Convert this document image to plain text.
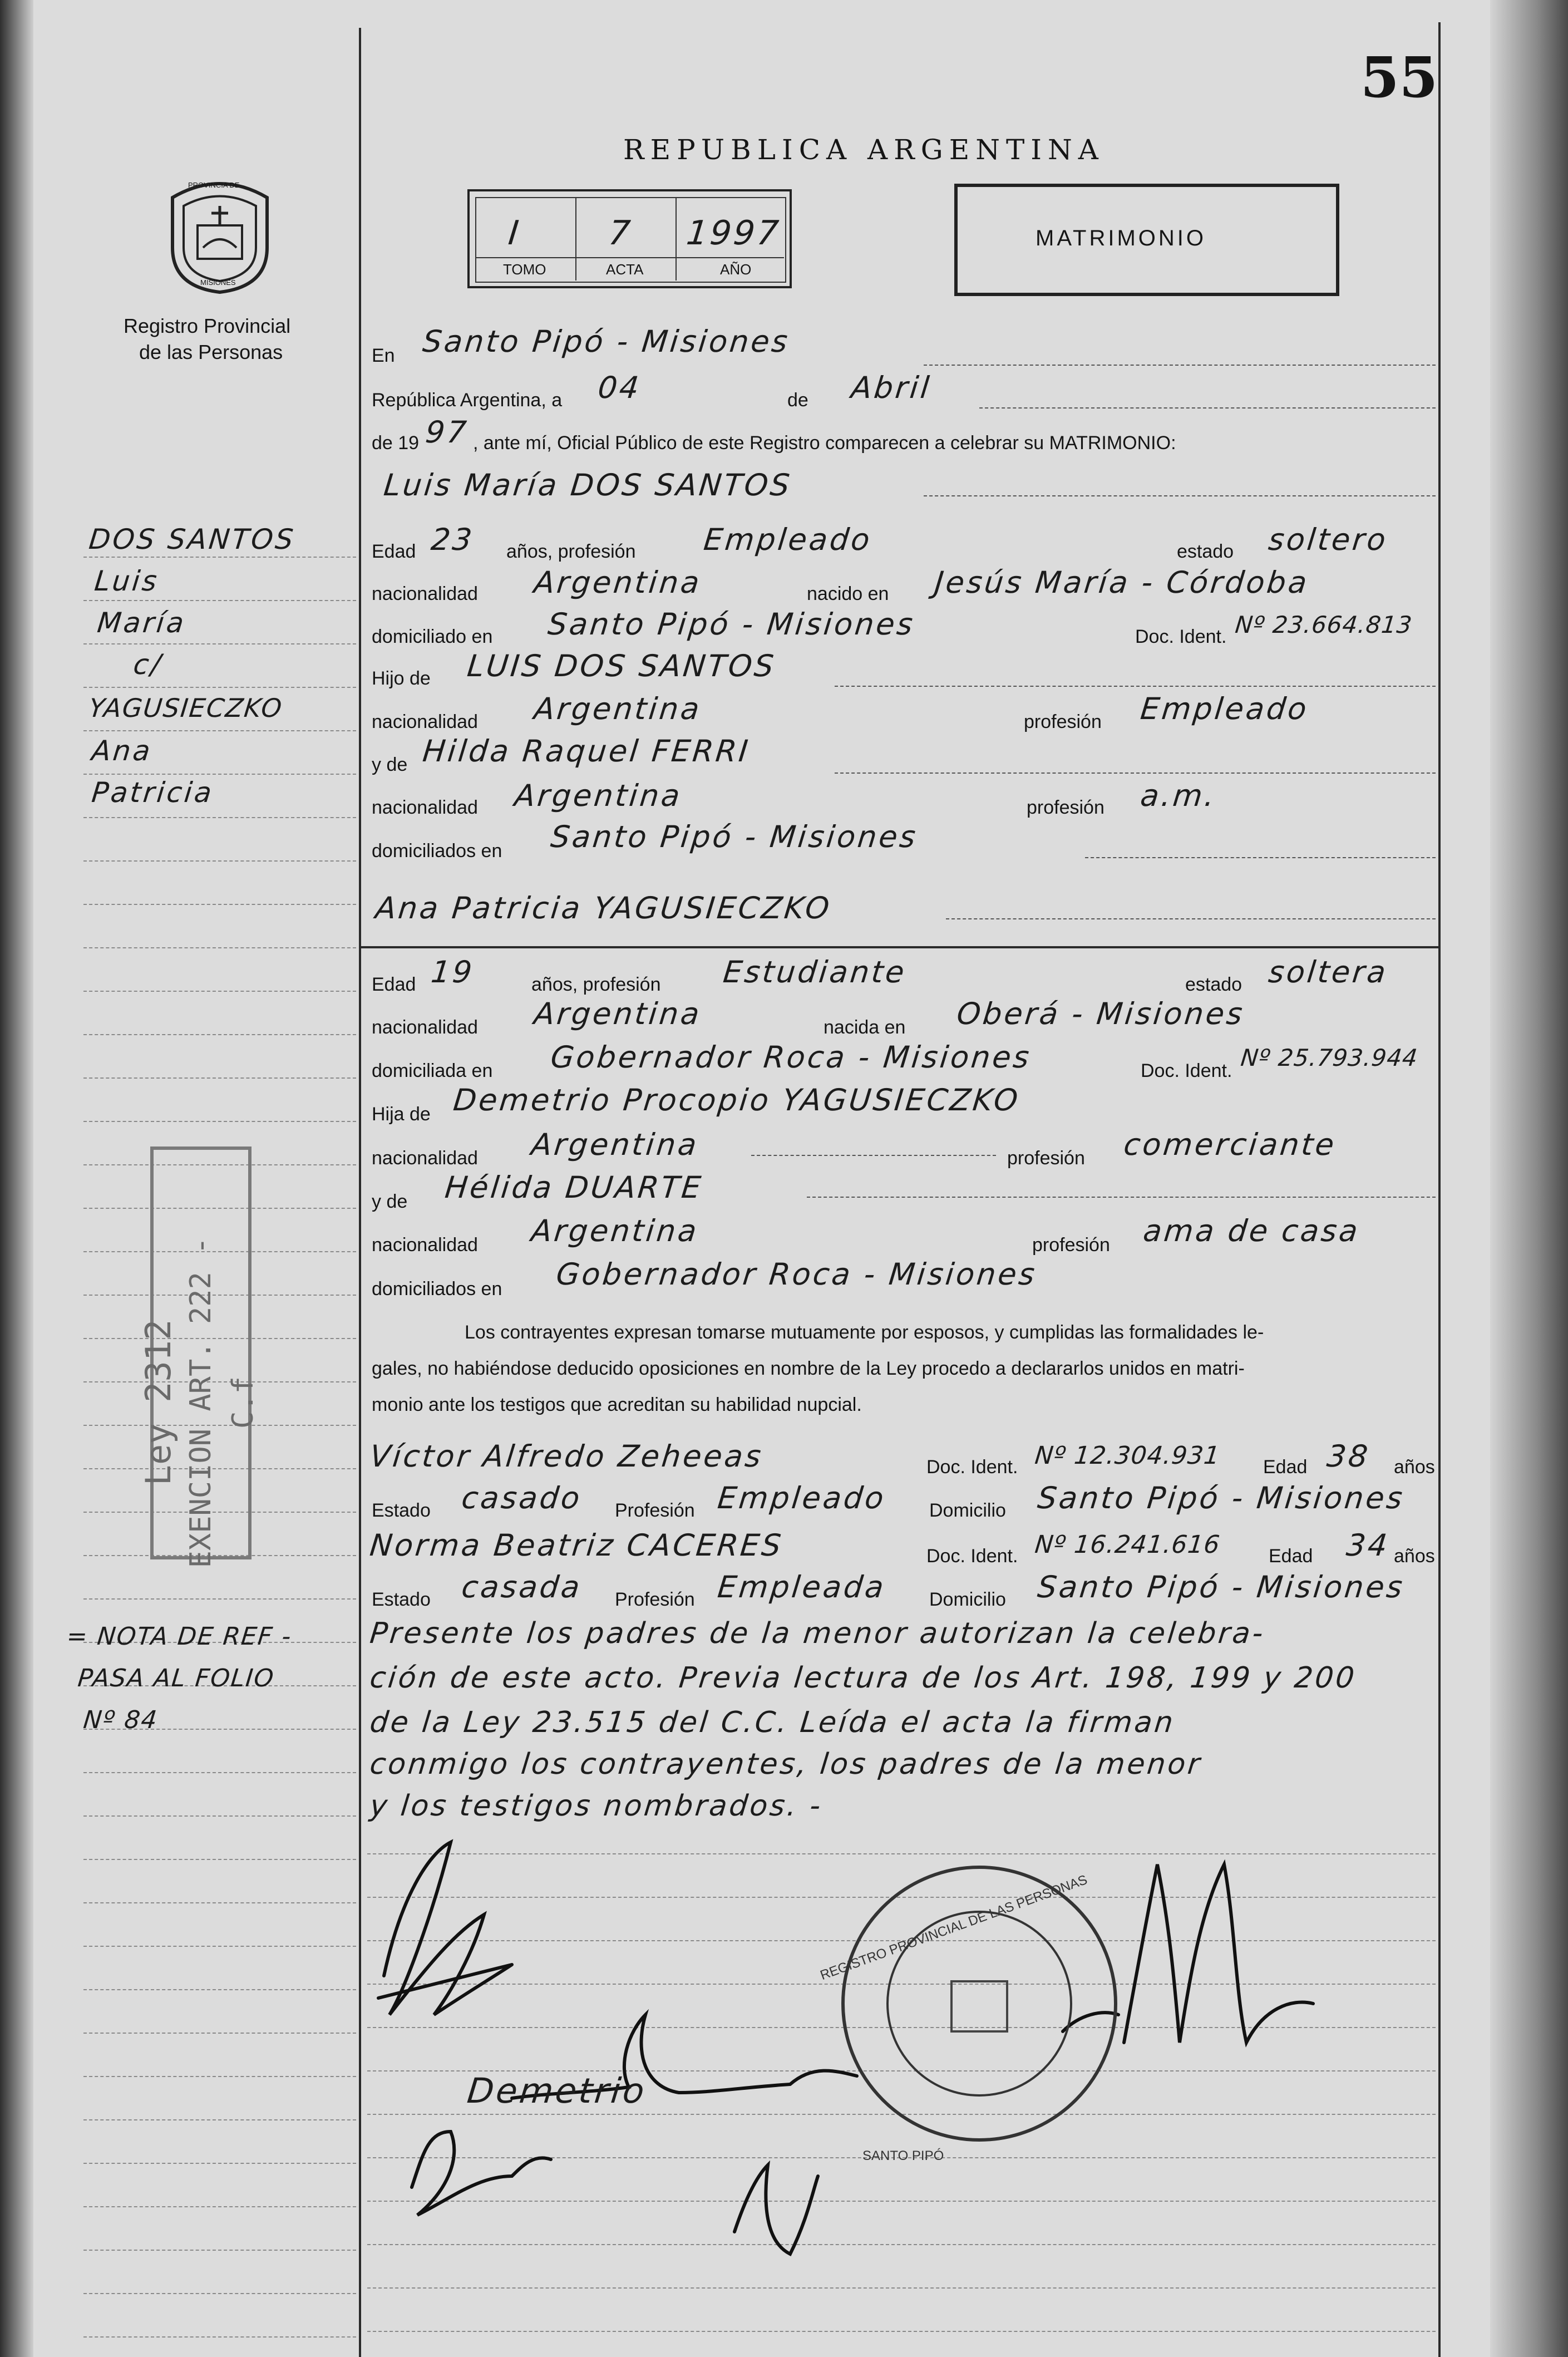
55
REPUBLICA ARGENTINA
PROVINCIA DE
MISIONES
Registro Provincial
de las Personas
I	7 1997
TOMO	ACTA	AÑO
MATRIMONIO
En Santo Pipó - Misiones
República Argentina, a 04	de Abril
de 19 97 , ante mí, Oficial Público de este Registro comparecen a celebrar su MATRIMONIO:
Luis María DOS SANTOS
Edad 23 años, profesión Empleado	estado soltero
nacionalidad Argentina	nacido en Jesús María - Córdoba
domiciliado en Santo Pipó - Misiones	Doc. Ident. Nº 23.664.813
Hijo de LUIS DOS SANTOS
nacionalidad Argentina	profesión Empleado
y de Hilda Raquel FERRI
nacionalidad Argentina	profesión a.m.
domiciliados en Santo Pipó - Misiones
Ana Patricia YAGUSIECZKO
Edad 19	años, profesión Estudiante	estado soltera
nacionalidad Argentina	nacida en Oberá - Misiones
domiciliada en Gobernador Roca - Misiones	Doc. Ident. Nº 25.793.944
Hija de Demetrio Procopio YAGUSIECZKO
nacionalidad Argentina	profesión comerciante
y de Hélida DUARTE
nacionalidad Argentina	profesión ama de casa
domiciliados en Gobernador Roca - Misiones
Los contrayentes expresan tomarse mutuamente por esposos, y cumplidas las formalidades le-
gales, no habiéndose deducido oposiciones en nombre de la Ley procedo a declararlos unidos en matri-
monio ante los testigos que acreditan su habilidad nupcial.
Víctor Alfredo Zeheeas	Doc. Ident. Nº 12.304.931 Edad 38 años
Estado casado Profesión Empleado Domicilio Santo Pipó - Misiones
Norma Beatriz CACERES	Doc. Ident. Nº 16.241.616 Edad 34 años
Estado casada Profesión Empleada Domicilio Santo Pipó - Misiones
Presente los padres de la menor autorizan la celebra-
ción de este acto. Previa lectura de los Art. 198, 199 y 200
de la Ley 23.515 del C.C. Leída el acta la firman
conmigo los contrayentes, los padres de la menor
y los testigos nombrados. -
DOS SANTOS
Luis
María
c/
YAGUSIECZKO
Ana
Patricia
Ley 2312 EXENCION ART. 222 - C.f
= NOTA DE REF -
PASA AL FOLIO
Nº 84
Demetrio
REGISTRO PROVINCIAL DE LAS PERSONAS
SANTO PIPÓ
